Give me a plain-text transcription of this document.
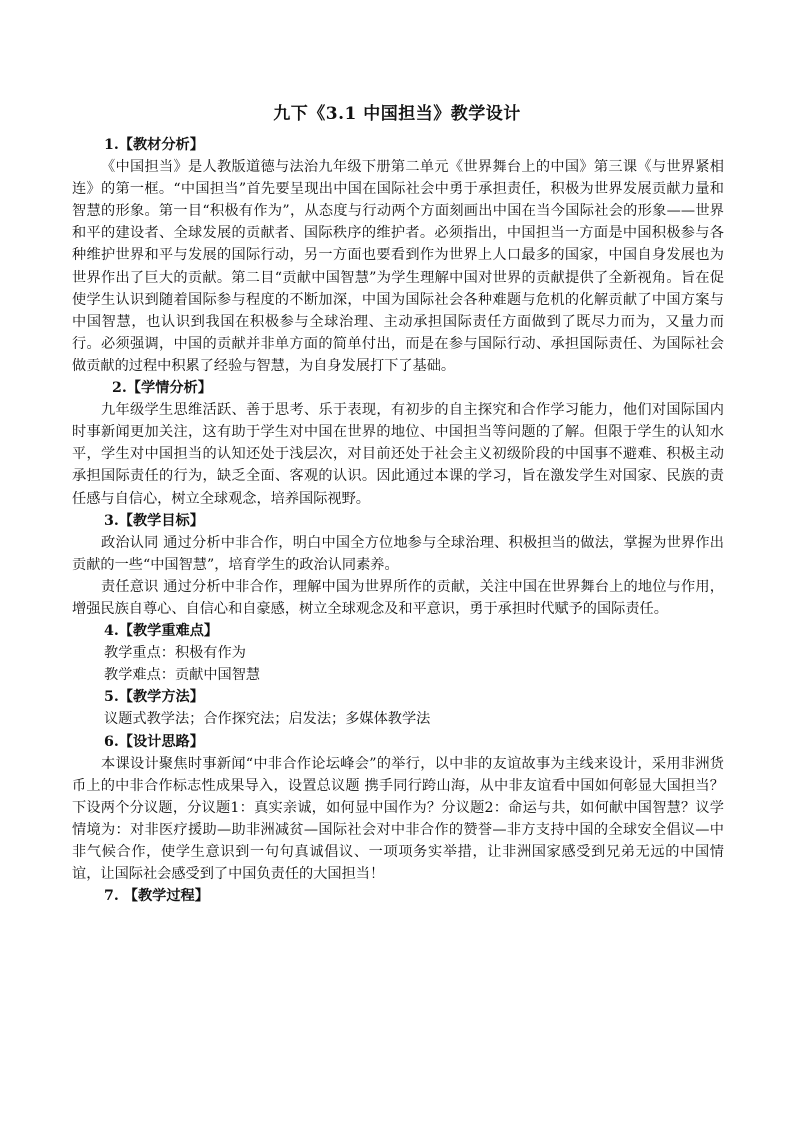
九下《3.1 中国担当》教学设计

1.【教材分析】

《中国担当》是人教版道德与法治九年级下册第二单元《世界舞台上的中国》第三课《与世界紧相连》的第一框。“中国担当”首先要呈现出中国在国际社会中勇于承担责任，积极为世界发展贡献力量和智慧的形象。第一目“积极有作为”，从态度与行动两个方面刻画出中国在当今国际社会的形象——世界和平的建设者、全球发展的贡献者、国际秩序的维护者。必须指出，中国担当一方面是中国积极参与各种维护世界和平与发展的国际行动，另一方面也要看到作为世界上人口最多的国家，中国自身发展也为世界作出了巨大的贡献。第二目“贡献中国智慧”为学生理解中国对世界的贡献提供了全新视角。旨在促使学生认识到随着国际参与程度的不断加深，中国为国际社会各种难题与危机的化解贡献了中国方案与中国智慧，也认识到我国在积极参与全球治理、主动承担国际责任方面做到了既尽力而为，又量力而行。必须强调，中国的贡献并非单方面的简单付出，而是在参与国际行动、承担国际责任、为国际社会做贡献的过程中积累了经验与智慧，为自身发展打下了基础。

2.【学情分析】

九年级学生思维活跃、善于思考、乐于表现，有初步的自主探究和合作学习能力，他们对国际国内时事新闻更加关注，这有助于学生对中国在世界的地位、中国担当等问题的了解。但限于学生的认知水平，学生对中国担当的认知还处于浅层次，对目前还处于社会主义初级阶段的中国事不避难、积极主动承担国际责任的行为，缺乏全面、客观的认识。因此通过本课的学习，旨在激发学生对国家、民族的责任感与自信心，树立全球观念，培养国际视野。

3.【教学目标】

政治认同 通过分析中非合作，明白中国全方位地参与全球治理、积极担当的做法，掌握为世界作出贡献的一些“中国智慧”，培育学生的政治认同素养。

责任意识 通过分析中非合作，理解中国为世界所作的贡献，关注中国在世界舞台上的地位与作用，增强民族自尊心、自信心和自豪感，树立全球观念及和平意识，勇于承担时代赋予的国际责任。

4.【教学重难点】

教学重点：积极有作为

教学难点：贡献中国智慧

5.【教学方法】

议题式教学法；合作探究法；启发法；多媒体教学法

6.【设计思路】

本课设计聚焦时事新闻“中非合作论坛峰会”的举行，以中非的友谊故事为主线来设计，采用非洲货币上的中非合作标志性成果导入，设置总议题 携手同行跨山海，从中非友谊看中国如何彰显大国担当？下设两个分议题，分议题1：真实亲诚，如何显中国作为？分议题2：命运与共，如何献中国智慧？议学情境为：对非医疗援助—助非洲减贫—国际社会对中非合作的赞誉—非方支持中国的全球安全倡议—中非气候合作，使学生意识到一句句真诚倡议、一项项务实举措，让非洲国家感受到兄弟无远的中国情谊，让国际社会感受到了中国负责任的大国担当！

7. 【教学过程】
